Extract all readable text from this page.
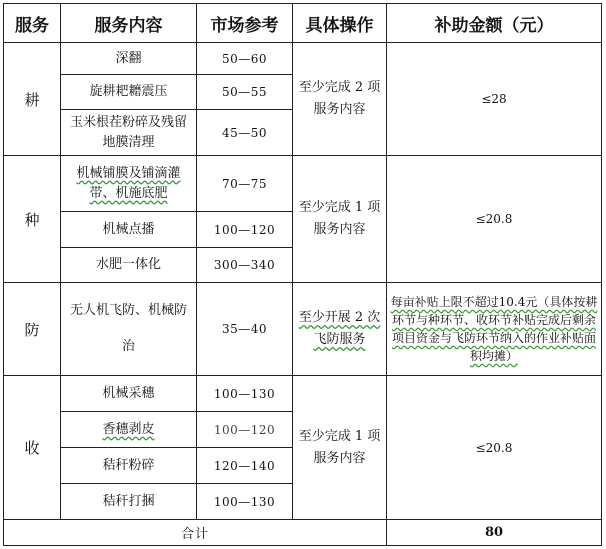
服务	服务内容	市场参考	具体操作	补助金额（元）
耕	深翻	50—60	至少完成 2 项服务内容	≤28
	旋耕耙耱震压	50—55		
	玉米根茬粉碎及残留地膜清理	45—50		
种	机械铺膜及铺滴灌带、机施底肥	70—75	至少完成 1 项服务内容	≤20.8
	机械点播	100—120		
	水肥一体化	300—340		
防	无人机飞防、机械防治	35—40	至少开展 2 次飞防服务	每亩补贴上限不超过10.4元（具体按耕环节与种环节、收环节补贴完成后剩余项目资金与飞防环节纳入的作业补贴面积均摊）
收	机械采穗	100—130	至少完成 1 项服务内容	≤20.8
	香穗剥皮	100—120		
	秸秆粉碎	120—140		
	秸秆打捆	100—130		
合计				80
